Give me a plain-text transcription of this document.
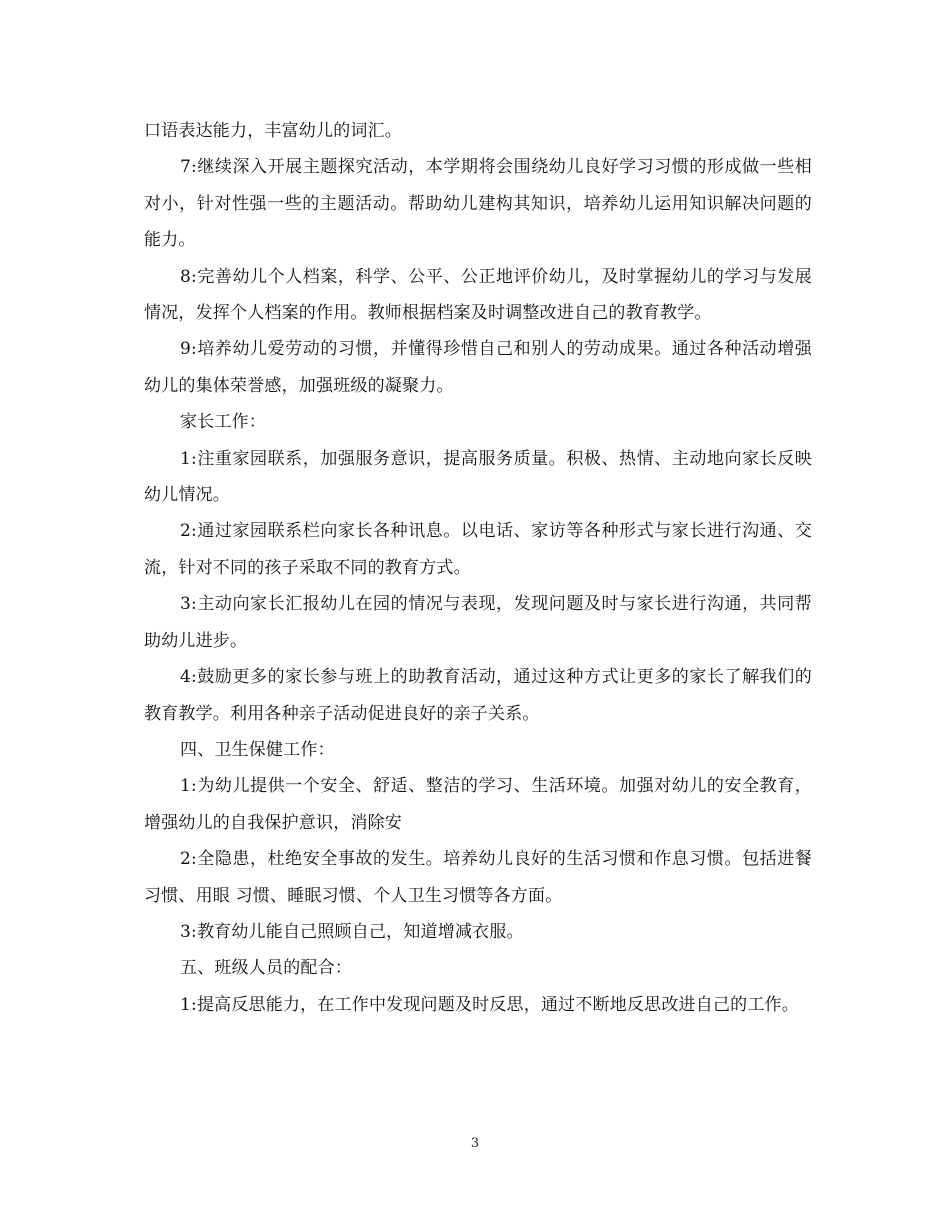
口语表达能力，丰富幼儿的词汇。

7:继续深入开展主题探究活动，本学期将会围绕幼儿良好学习习惯的形成做一些相对小，针对性强一些的主题活动。帮助幼儿建构其知识，培养幼儿运用知识解决问题的能力。

8:完善幼儿个人档案，科学、公平、公正地评价幼儿，及时掌握幼儿的学习与发展情况，发挥个人档案的作用。教师根据档案及时调整改进自己的教育教学。

9:培养幼儿爱劳动的习惯，并懂得珍惜自己和别人的劳动成果。通过各种活动增强幼儿的集体荣誉感，加强班级的凝聚力。

家长工作：

1:注重家园联系，加强服务意识，提高服务质量。积极、热情、主动地向家长反映幼儿情况。

2:通过家园联系栏向家长各种讯息。以电话、家访等各种形式与家长进行沟通、交流，针对不同的孩子采取不同的教育方式。

3:主动向家长汇报幼儿在园的情况与表现，发现问题及时与家长进行沟通，共同帮助幼儿进步。

4:鼓励更多的家长参与班上的助教育活动，通过这种方式让更多的家长了解我们的教育教学。利用各种亲子活动促进良好的亲子关系。

四、卫生保健工作：

1:为幼儿提供一个安全、舒适、整洁的学习、生活环境。加强对幼儿的安全教育，增强幼儿的自我保护意识，消除安

2:全隐患，杜绝安全事故的发生。培养幼儿良好的生活习惯和作息习惯。包括进餐习惯、用眼 习惯、睡眠习惯、个人卫生习惯等各方面。

3:教育幼儿能自己照顾自己，知道增减衣服。

五、班级人员的配合：

1:提高反思能力，在工作中发现问题及时反思，通过不断地反思改进自己的工作。

3
